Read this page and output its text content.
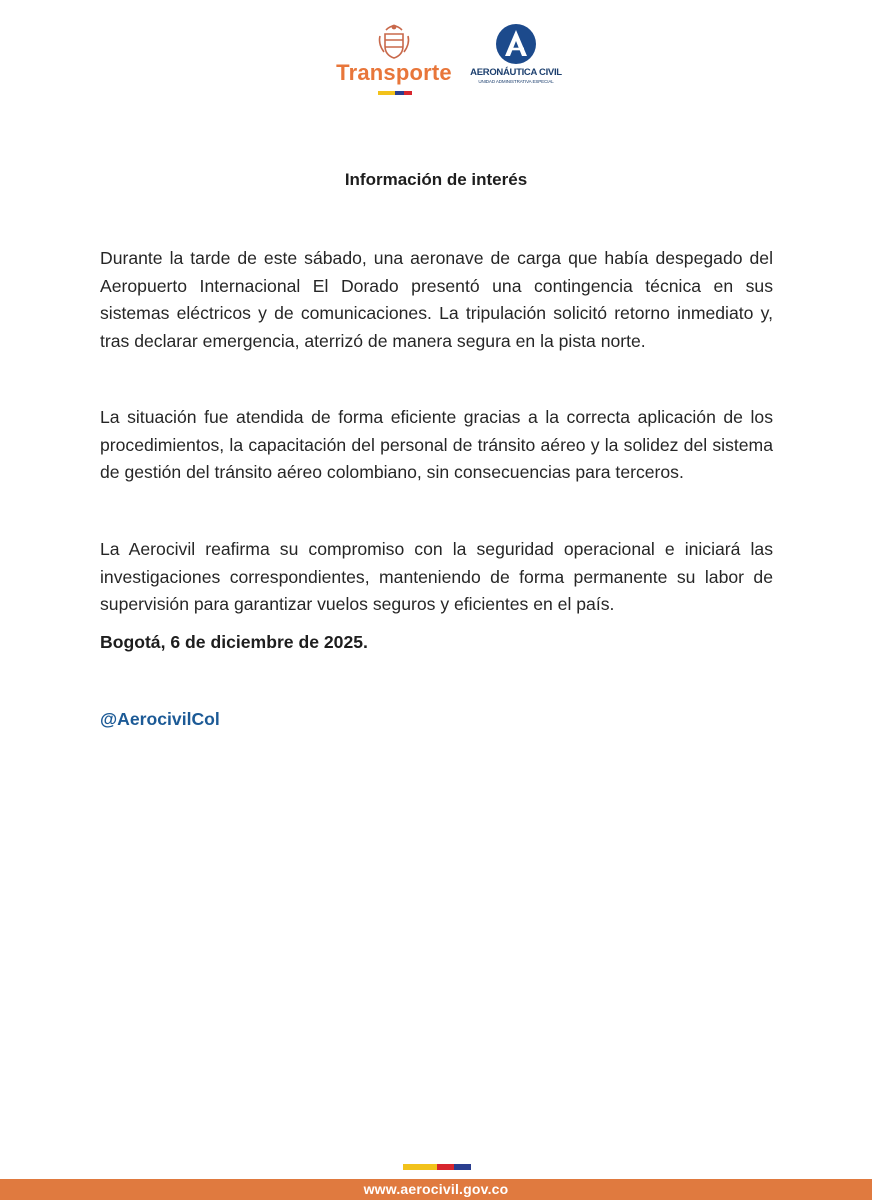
Transporte	AERONÁUTICA CIVIL
UNIDAD ADMINISTRATIVA ESPECIAL
Información de interés

Durante la tarde de este sábado, una aeronave de carga que había despegado del Aeropuerto Internacional El Dorado presentó una contingencia técnica en sus sistemas eléctricos y de comunicaciones. La tripulación solicitó retorno inmediato y, tras declarar emergencia, aterrizó de manera segura en la pista norte.

La situación fue atendida de forma eficiente gracias a la correcta aplicación de los procedimientos, la capacitación del personal de tránsito aéreo y la solidez del sistema de gestión del tránsito aéreo colombiano, sin consecuencias para terceros.

La Aerocivil reafirma su compromiso con la seguridad operacional e iniciará las investigaciones correspondientes, manteniendo de forma permanente su labor de supervisión para garantizar vuelos seguros y eficientes en el país.

Bogotá, 6 de diciembre de 2025.
@AerocivilCol
www.aerocivil.gov.co
